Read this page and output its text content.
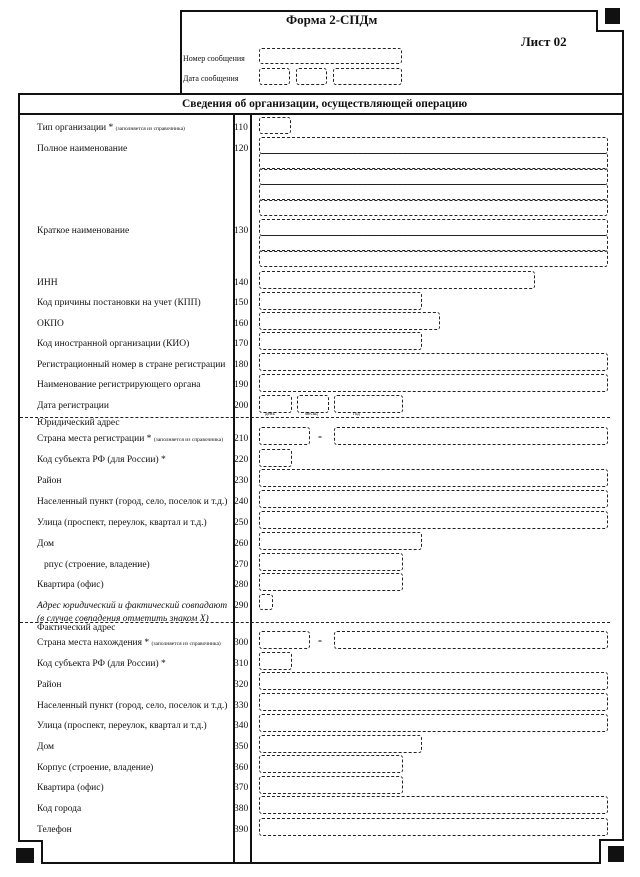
Форма 2-СПДм
Лист 02
Номер сообщения
Дата сообщения
Сведения об организации, осуществляющей операцию
Тип организации * (заполняется из справочника)	110
Полное наименование	120
Краткое наименование	130
ИНН	140
Код причины постановки на учет (КПП)	150
ОКПО	160
Код иностранной организации (КИО)	170
Регистрационный номер в стране регистрации 180
Наименование регистрирующего органа	190
Дата регистрации	200
день	месяц	год
Юридический адрес
Страна места регистрации * (заполняется из справочника) 210	-
Код субъекта РФ (для России) *	220
Район	230
Населенный пункт (город, село, поселок и т.д.) 240
Улица (проспект, переулок, квартал и т.д.)	250
Дом	260
рпус (строение, владение)	270
Квартира (офис)	280
Адрес юридический и фактический совпадают
(в случае совпадения отметить знаком X)
290
Фактический адрес
Страна места нахождения * (заполняется из справочника) 300	-
Код субъекта РФ (для России) *	310
Район	320
Населенный пункт (город, село, поселок и т.д.) 330
Улица (проспект, переулок, квартал и т.д.)	340
Дом	350
Корпус (строение, владение)	360
Квартира (офис)	370
Код города	380
Телефон	390
